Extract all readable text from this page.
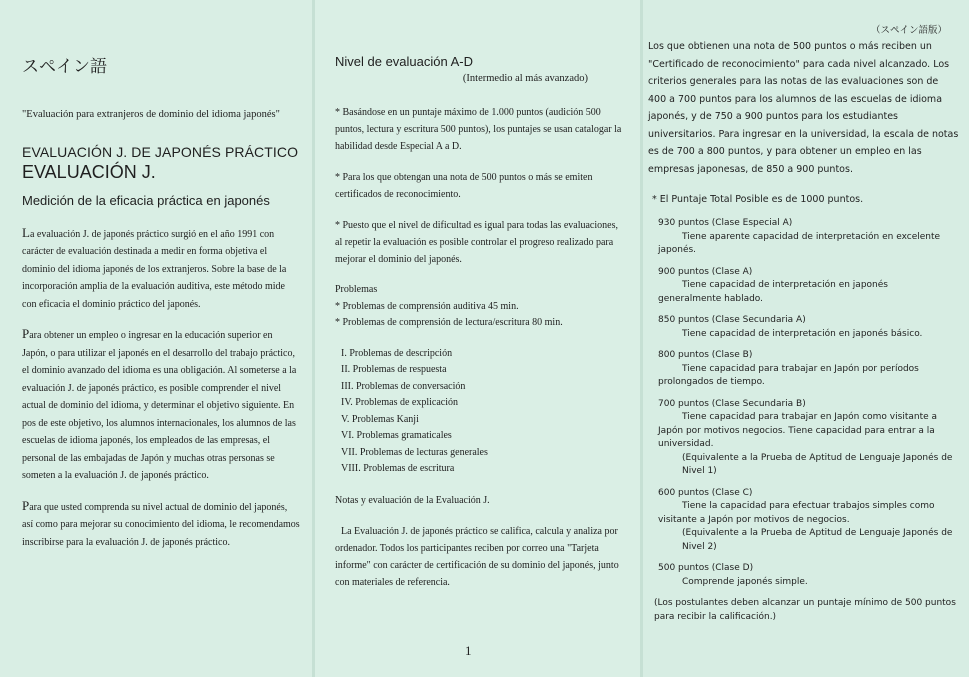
スペイン語
"Evaluación para extranjeros de dominio del idioma japonés"
EVALUACIÓN J. DE JAPONÉS PRÁCTICO
EVALUACIÓN J.
Medición de la eficacia práctica en japonés

La evaluación J. de japonés práctico surgió en el año 1991 con carácter de evaluación destinada a medir en forma objetiva el dominio del idioma japonés de los extranjeros. Sobre la base de la incorporación amplia de la evaluación auditiva, este método mide con eficacia el dominio práctico del japonés.

Para obtener un empleo o ingresar en la educación superior en Japón, o para utilizar el japonés en el desarrollo del trabajo práctico, el dominio avanzado del idioma es una obligación. Al someterse a la evaluación J. de japonés práctico, es posible comprender el nivel actual de dominio del idioma, y determinar el objetivo siguiente. En pos de este objetivo, los alumnos internacionales, los alumnos de las escuelas de idioma japonés, los empleados de las empresas, el personal de las embajadas de Japón y muchas otras personas se someten a la evaluación J. de japonés práctico.

Para que usted comprenda su nivel actual de dominio del japonés, así como para mejorar su conocimiento del idioma, le recomendamos inscribirse para la evaluación J. de japonés práctico.

Nivel de evaluación A-D
(Intermedio al más avanzado)

* Basándose en un puntaje máximo de 1.000 puntos (audición 500 puntos, lectura y escritura 500 puntos), los puntajes se usan catalogar la habilidad desde Especial A a D.

* Para los que obtengan una nota de 500 puntos o más se emiten certificados de reconocimiento.

* Puesto que el nivel de dificultad es igual para todas las evaluaciones, al repetir la evaluación es posible controlar el progreso realizado para mejorar el dominio del japonés.

Problemas
* Problemas de comprensión auditiva 45 min.
* Problemas de comprensión de lectura/escritura 80 min.
I. Problemas de descripción
II. Problemas de respuesta
III. Problemas de conversación
IV. Problemas de explicación
V. Problemas Kanji
VI. Problemas gramaticales
VII. Problemas de lecturas generales
VIII. Problemas de escritura

Notas y evaluación de la Evaluación J.

La Evaluación J. de japonés práctico se califica, calcula y analiza por ordenador. Todos los participantes reciben por correo una "Tarjeta informe" con carácter de certificación de su dominio del japonés, junto con materiales de referencia.

1
（スペイン語版）

Los que obtienen una nota de 500 puntos o más reciben un "Certificado de reconocimiento" para cada nivel alcanzado. Los criterios generales para las notas de las evaluaciones son de 400 a 700 puntos para los alumnos de las escuelas de idioma japonés, y de 750 a 900 puntos para los estudiantes universitarios. Para ingresar en la universidad, la escala de notas es de 700 a 800 puntos, y para obtener un empleo en las empresas japonesas, de 850 a 900 puntos.

* El Puntaje Total Posible es de 1000 puntos.

930 puntos (Clase Especial A)
Tiene aparente capacidad de interpretación en excelente
japonés.
900 puntos (Clase A)
Tiene capacidad de interpretación en japonés
generalmente hablado.
850 puntos (Clase Secundaria A)
Tiene capacidad de interpretación en japonés básico.
800 puntos (Clase B)
Tiene capacidad para trabajar en Japón por períodos
prolongados de tiempo.
700 puntos (Clase Secundaria B)
Tiene capacidad para trabajar en Japón como visitante a
Japón por motivos negocios. Tiene capacidad para entrar a la universidad.
(Equivalente a la Prueba de Aptitud de Lenguaje Japonés de Nivel 1)
600 puntos (Clase C)
Tiene la capacidad para efectuar trabajos simples como
visitante a Japón por motivos de negocios.
(Equivalente a la Prueba de Aptitud de Lenguaje Japonés de Nivel 2)
500 puntos (Clase D)
Comprende japonés simple.

(Los postulantes deben alcanzar un puntaje mínimo de 500 puntos para recibir la calificación.)
